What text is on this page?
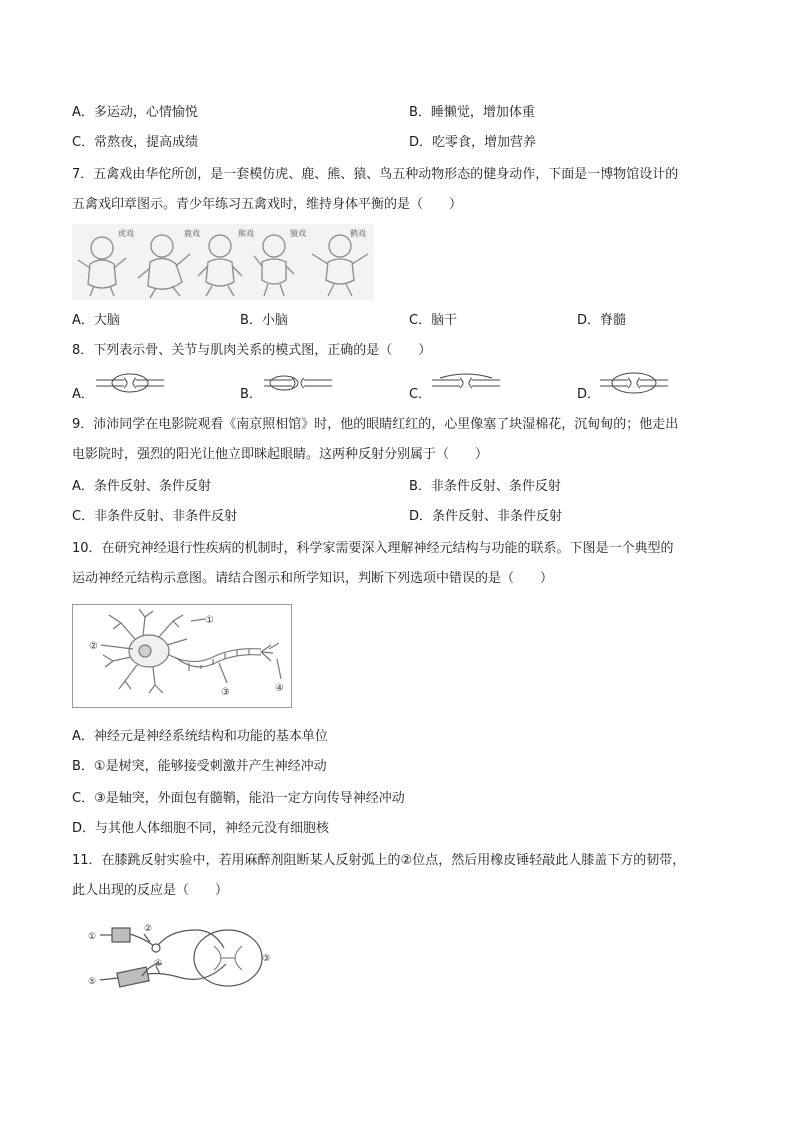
A．多运动，心情愉悦	B．睡懒觉，增加体重
C．常熬夜，提高成绩	D．吃零食，增加营养
7．五禽戏由华佗所创，是一套模仿虎、鹿、熊、猿、鸟五种动物形态的健身动作，下面是一博物馆设计的
五禽戏印章图示。青少年练习五禽戏时，维持身体平衡的是（　　）
虎戏	鹿戏	熊戏	猿戏	鹤戏
A．大脑	B．小脑	C．脑干	D．脊髓
8．下列表示骨、关节与肌肉关系的模式图，正确的是（　　）
A．	B．	C．	D．
9．沛沛同学在电影院观看《南京照相馆》时，他的眼睛红红的，心里像塞了块湿棉花，沉甸甸的；他走出
电影院时，强烈的阳光让他立即眯起眼睛。这两种反射分别属于（　　）
A．条件反射、条件反射	B．非条件反射、条件反射
C．非条件反射、非条件反射	D．条件反射、非条件反射
10．在研究神经退行性疾病的机制时，科学家需要深入理解神经元结构与功能的联系。下图是一个典型的
运动神经元结构示意图。请结合图示和所学知识，判断下列选项中错误的是（　　）
①
②
③	④
A．神经元是神经系统结构和功能的基本单位
B．①是树突，能够接受刺激并产生神经冲动
C．③是轴突，外面包有髓鞘，能沿一定方向传导神经冲动
D．与其他人体细胞不同，神经元没有细胞核
11．在膝跳反射实验中，若用麻醉剂阻断某人反射弧上的②位点，然后用橡皮锤轻敲此人膝盖下方的韧带，
此人出现的反应是（　　）
①
②
③
④
⑤
